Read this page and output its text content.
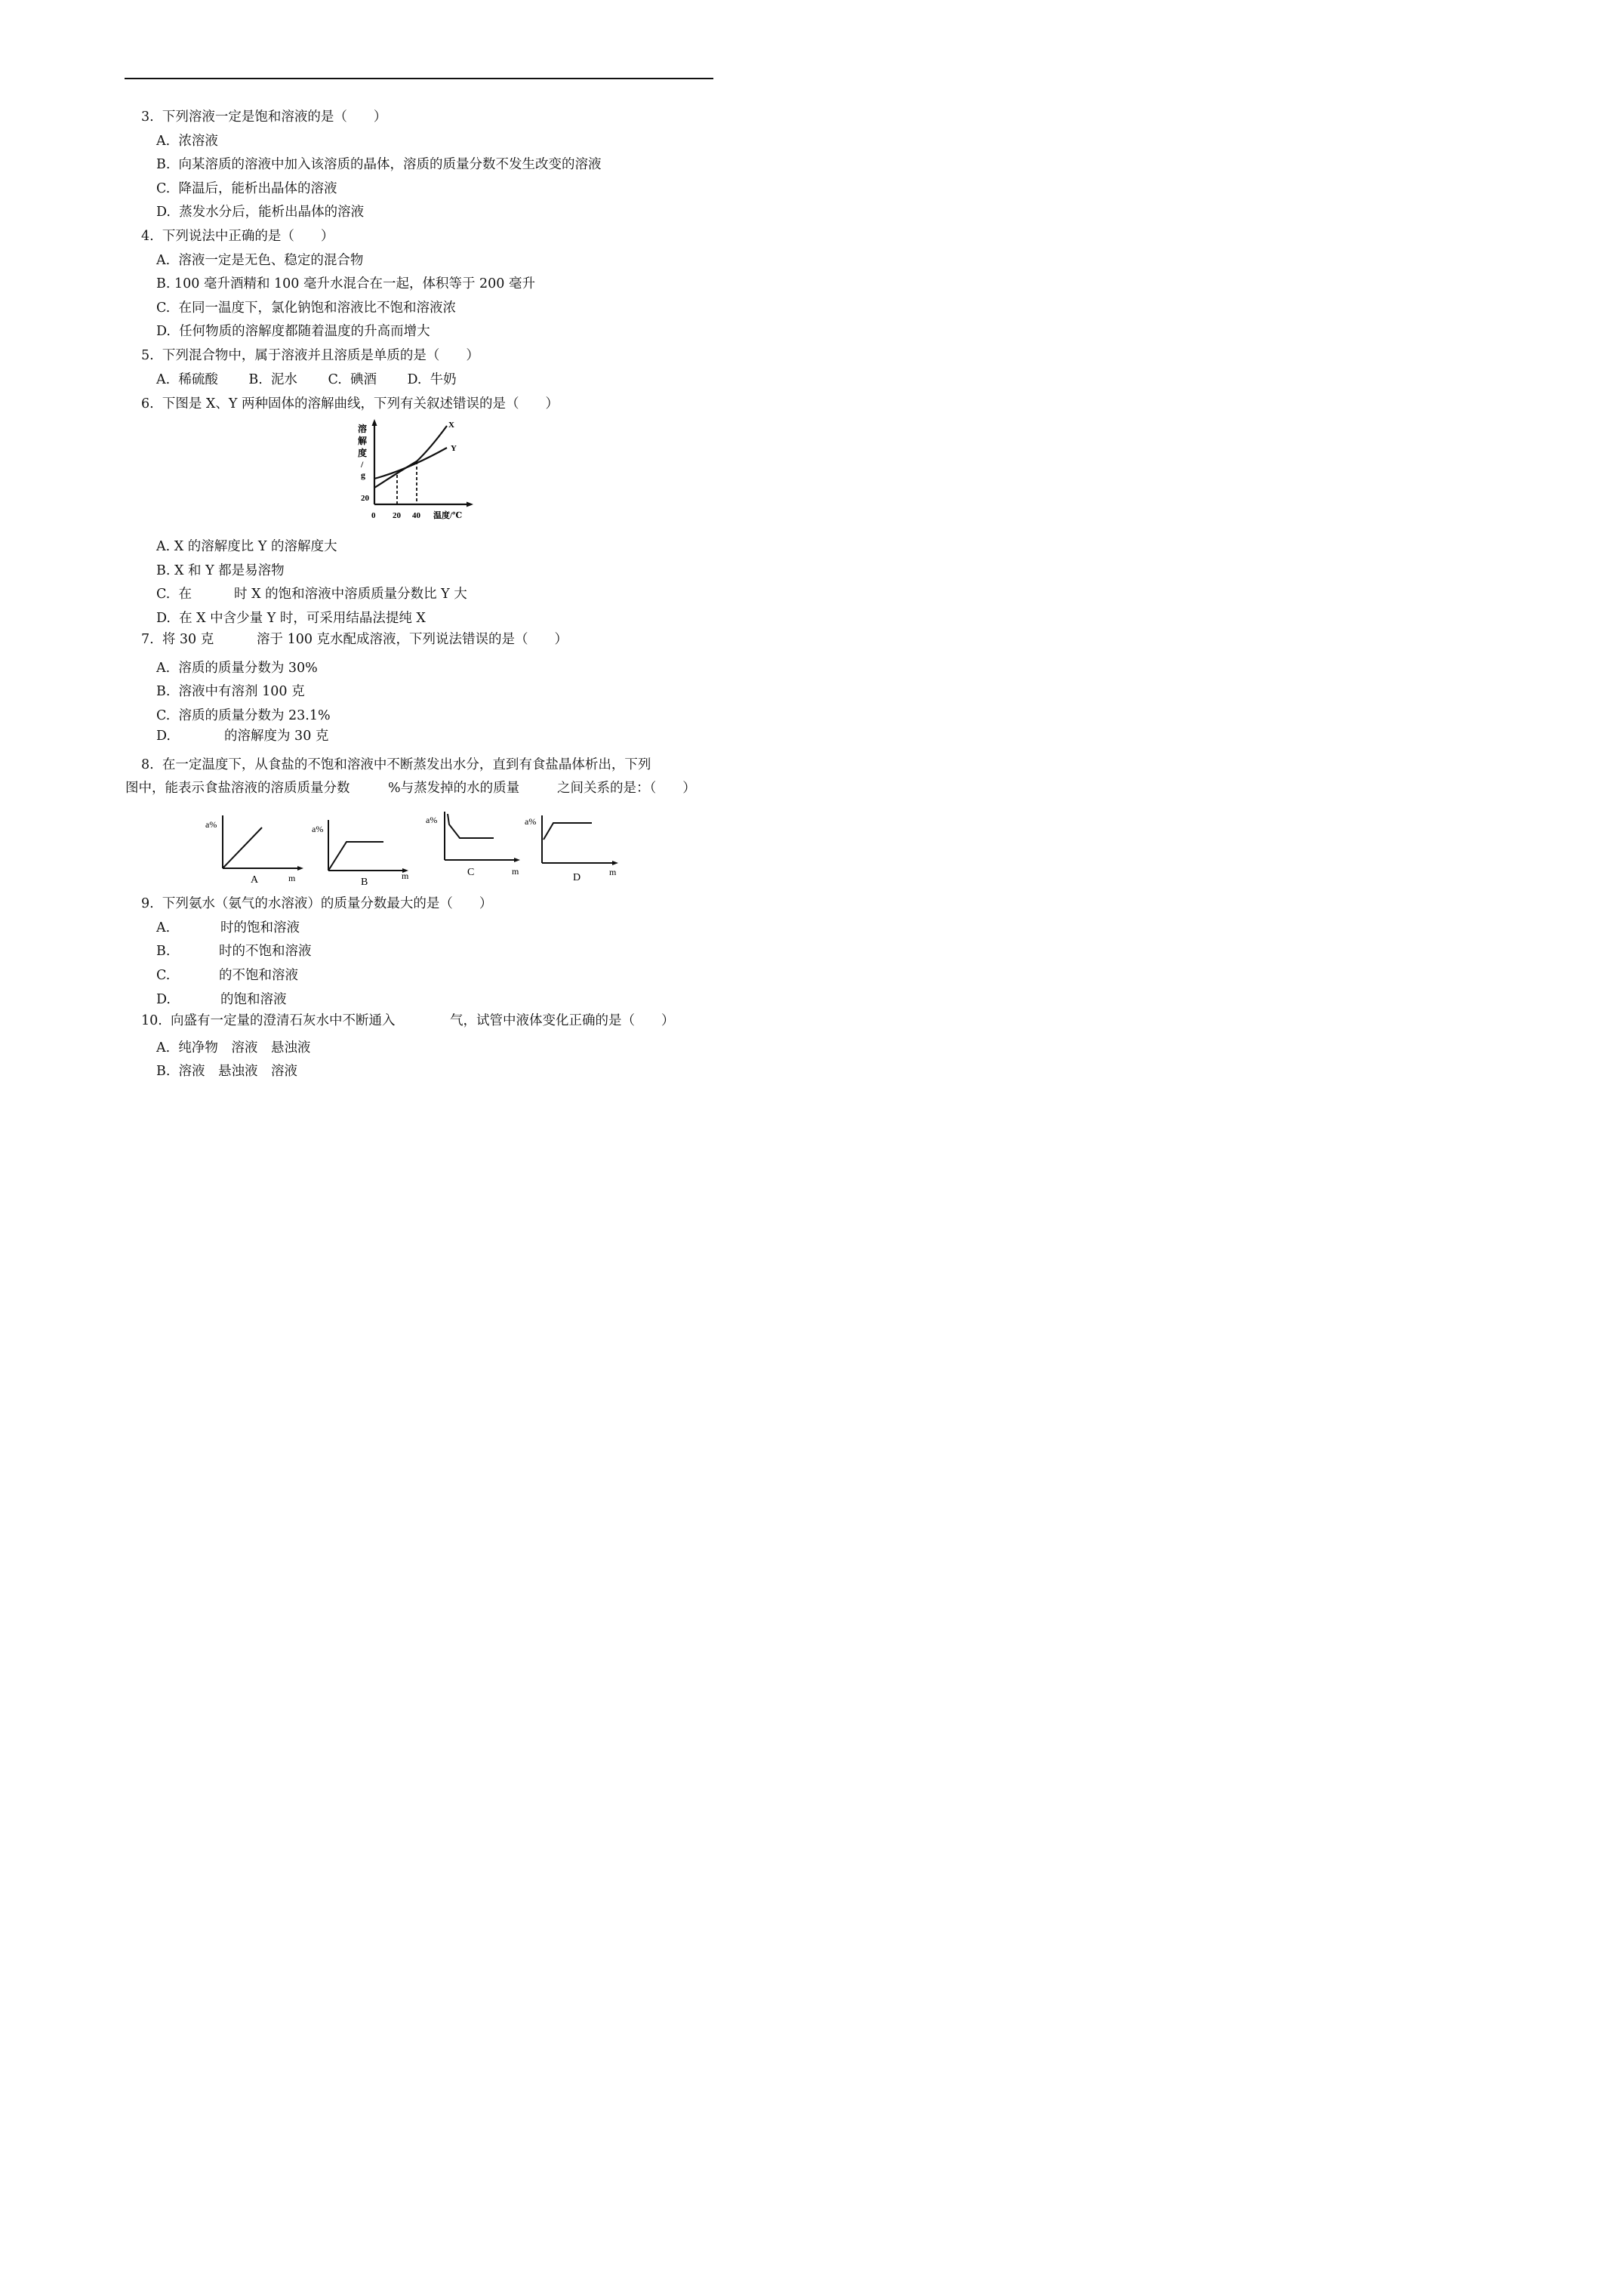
3.  下列溶液一定是饱和溶液的是（　　）
A.  浓溶液
B.  向某溶质的溶液中加入该溶质的晶体，溶质的质量分数不发生改变的溶液
C.  降温后，能析出晶体的溶液
D.  蒸发水分后，能析出晶体的溶液
4.  下列说法中正确的是（　　）
A.  溶液一定是无色、稳定的混合物
B. 100 毫升酒精和 100 毫升水混合在一起，体积等于 200 毫升
C.  在同一温度下，氯化钠饱和溶液比不饱和溶液浓
D.  任何物质的溶解度都随着温度的升高而增大
5.  下列混合物中，属于溶液并且溶质是单质的是（　　）
A.  稀硫酸　　 B.  泥水　　 C.  碘酒　　 D.  牛奶
6.  下图是 X、Y 两种固体的溶解曲线，下列有关叙述错误的是（　　）
溶
解
度
/
g
20
0 20 40 温度/℃
X
Y
A. X 的溶解度比 Y 的溶解度大
B. X 和 Y 都是易溶物
C.  在	时 X 的饱和溶液中溶质质量分数比 Y 大
D.  在 X 中含少量 Y 时，可采用结晶法提纯 X
7.  将 30 克	溶于 100 克水配成溶液，下列说法错误的是（　　）
A.  溶质的质量分数为 30%
B.  溶液中有溶剂 100 克
C.  溶质的质量分数为 23.1%
D.	的溶解度为 30 克
8.  在一定温度下，从食盐的不饱和溶液中不断蒸发出水分，直到有食盐晶体析出，下列
图中，能表示食盐溶液的溶质质量分数	%与蒸发掉的水的质量	之间关系的是：（　　）
a%
A	m
a%
B
m
a%
C	m
a%
D	m
9.  下列氨水（氨气的水溶液）的质量分数最大的是（　　）
A.	时的饱和溶液
B.	时的不饱和溶液
C.	的不饱和溶液
D.	的饱和溶液
10.  向盛有一定量的澄清石灰水中不断通入	气，试管中液体变化正确的是（　　）
A.  纯净物　溶液　悬浊液
B.  溶液　悬浊液　溶液
